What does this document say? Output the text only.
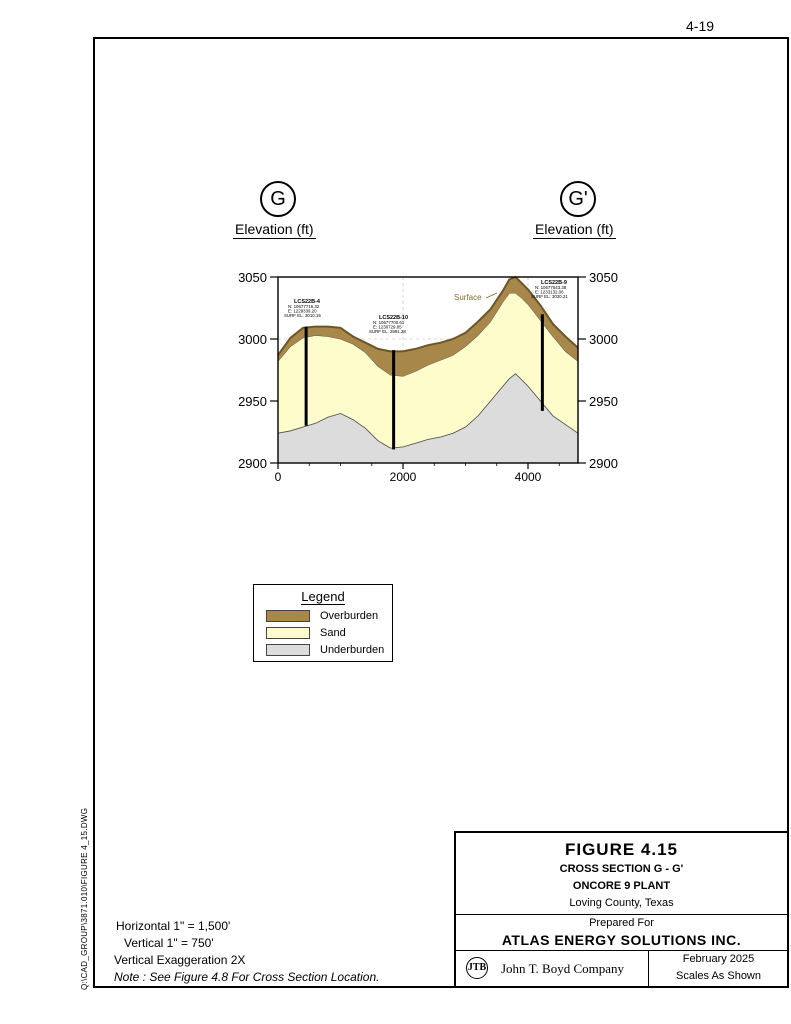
4-19
Q:\CAD_GROUP\3871.010\FIGURE 4_15.DWG
G	G'
Elevation (ft)	Elevation (ft)
LCS22B-4
N: 10677716.32
E: 1229339.20
SURF EL: 3010.15	LCS22B-10
N: 10677700.61
E: 1230729.85
SURF EL: 2991.28
LCS22B-9
N: 10677643.38
E: 1233132.06
SURF EL: 3020.21
Surface
3050	3050
3000	3000
2950	2950
2900	2900
0	2000	4000
Legend
Overburden
Sand
Underburden
Horizontal 1" = 1,500'
Vertical 1" = 750'
Vertical Exaggeration 2X
Note : See Figure 4.8 For Cross Section Location.
FIGURE 4.15
CROSS SECTION G - G'
ONCORE 9 PLANT
Loving County, Texas
Prepared For
ATLAS ENERGY SOLUTIONS INC.
JTB John T. Boyd Company
February 2025
Scales As Shown
